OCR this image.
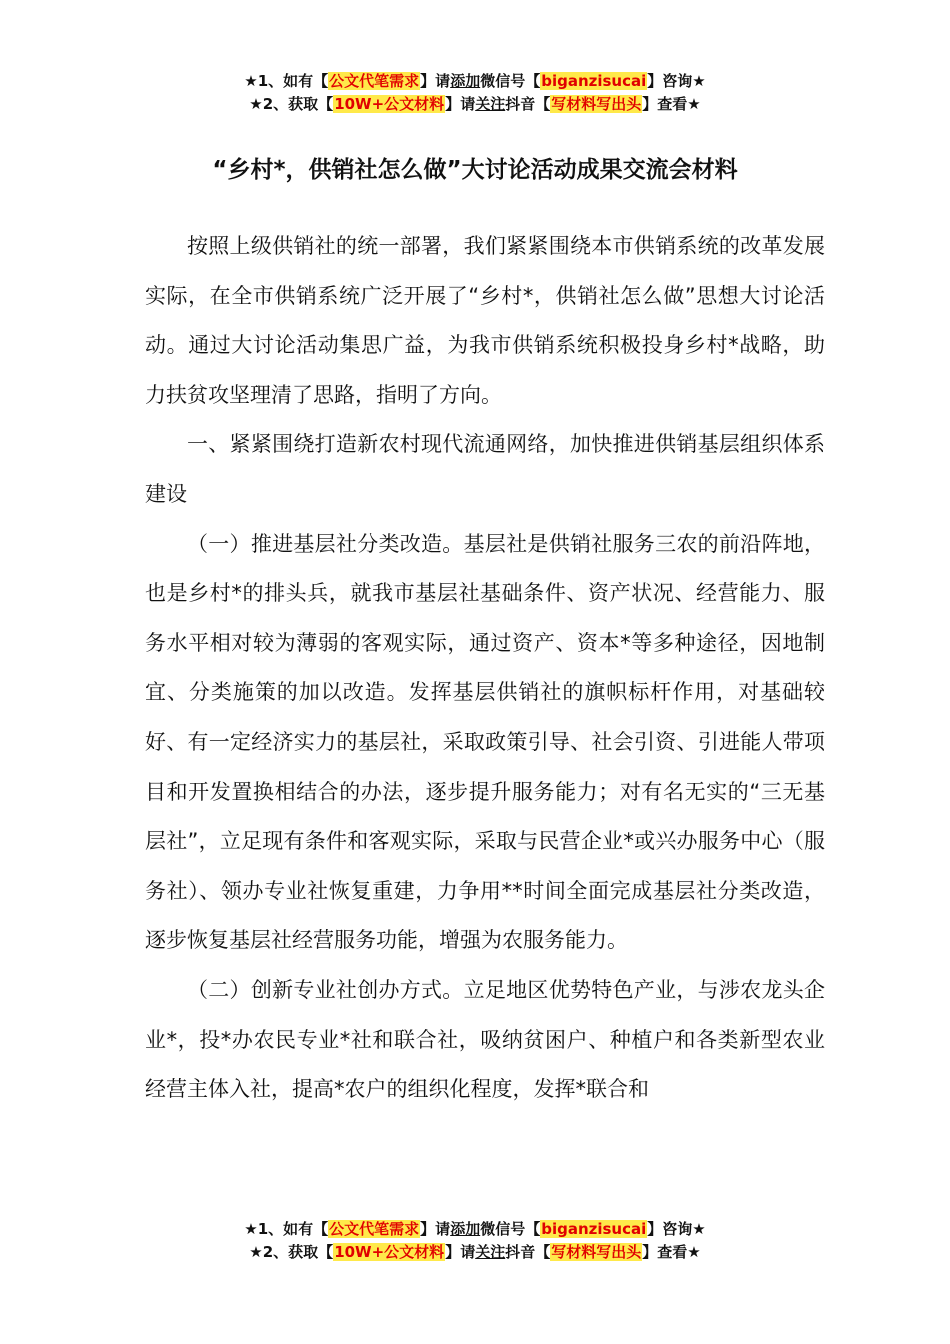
★1、如有【公文代笔需求】请添加微信号【biganzisucai】咨询★
★2、获取【10W+公文材料】请关注抖音【写材料写出头】查看★
“乡村*，供销社怎么做”大讨论活动成果交流会材料

按照上级供销社的统一部署，我们紧紧围绕本市供销系统的改革发展实际，在全市供销系统广泛开展了“乡村*，供销社怎么做”思想大讨论活动。通过大讨论活动集思广益，为我市供销系统积极投身乡村*战略，助力扶贫攻坚理清了思路，指明了方向。

一、紧紧围绕打造新农村现代流通网络，加快推进供销基层组织体系建设

（一）推进基层社分类改造。基层社是供销社服务三农的前沿阵地，也是乡村*的排头兵，就我市基层社基础条件、资产状况、经营能力、服务水平相对较为薄弱的客观实际，通过资产、资本*等多种途径，因地制宜、分类施策的加以改造。发挥基层供销社的旗帜标杆作用，对基础较好、有一定经济实力的基层社，采取政策引导、社会引资、引进能人带项目和开发置换相结合的办法，逐步提升服务能力；对有名无实的“三无基层社”，立足现有条件和客观实际，采取与民营企业*或兴办服务中心（服务社）、领办专业社恢复重建，力争用**时间全面完成基层社分类改造，逐步恢复基层社经营服务功能，增强为农服务能力。

（二）创新专业社创办方式。立足地区优势特色产业，与涉农龙头企业*，投*办农民专业*社和联合社，吸纳贫困户、种植户和各类新型农业经营主体入社，提高*农户的组织化程度，发挥*联合和

★1、如有【公文代笔需求】请添加微信号【biganzisucai】咨询★
★2、获取【10W+公文材料】请关注抖音【写材料写出头】查看★
